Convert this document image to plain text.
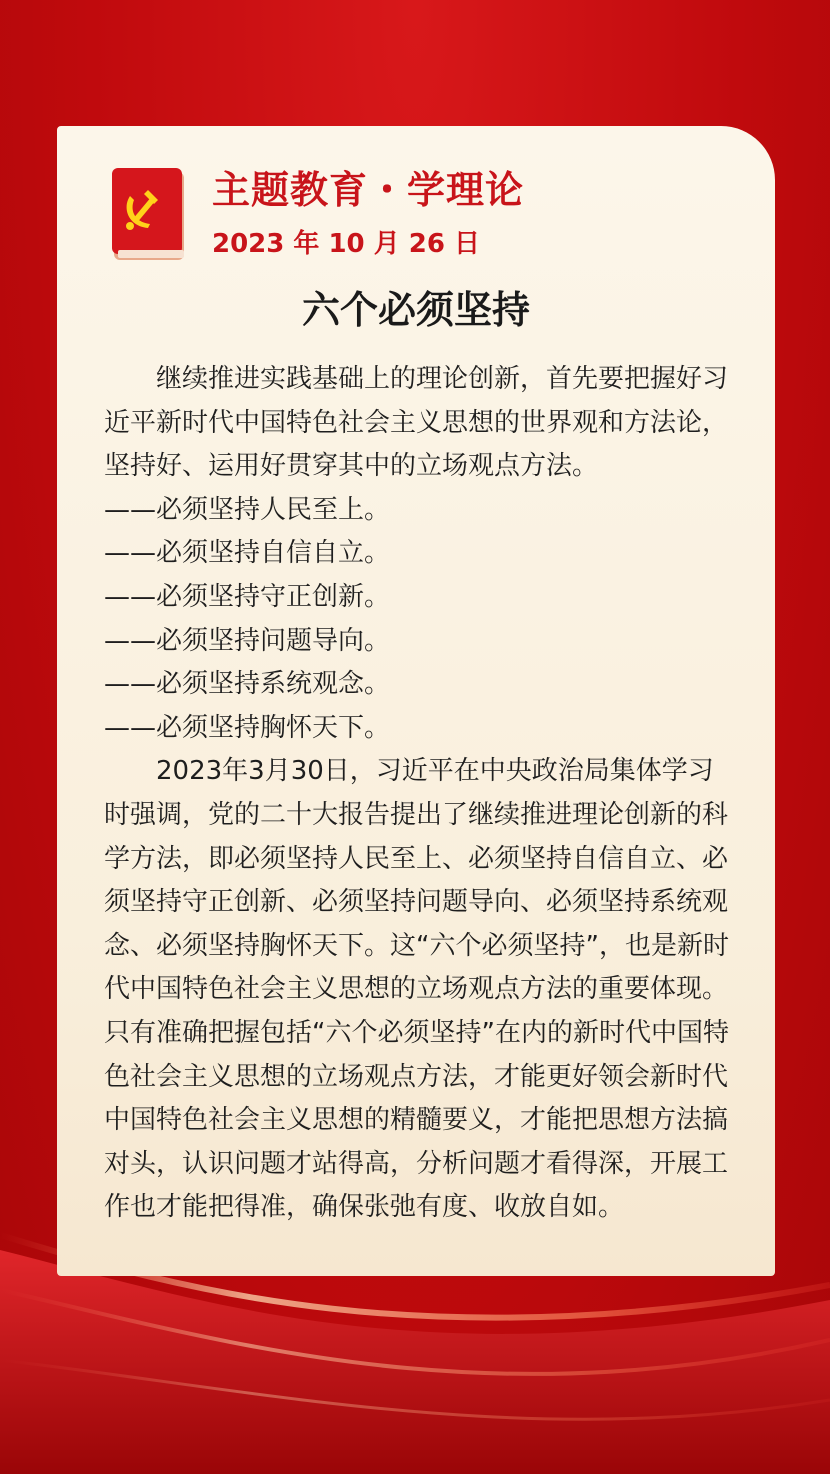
主题教育・学理论
2023 年 10 月 26 日
六个必须坚持

继续推进实践基础上的理论创新，首先要把握好习近平新时代中国特色社会主义思想的世界观和方法论，坚持好、运用好贯穿其中的立场观点方法。

——必须坚持人民至上。

——必须坚持自信自立。

——必须坚持守正创新。

——必须坚持问题导向。

——必须坚持系统观念。

——必须坚持胸怀天下。

2023年3月30日，习近平在中央政治局集体学习时强调，党的二十大报告提出了继续推进理论创新的科学方法，即必须坚持人民至上、必须坚持自信自立、必须坚持守正创新、必须坚持问题导向、必须坚持系统观念、必须坚持胸怀天下。这“六个必须坚持”，也是新时代中国特色社会主义思想的立场观点方法的重要体现。只有准确把握包括“六个必须坚持”在内的新时代中国特色社会主义思想的立场观点方法，才能更好领会新时代中国特色社会主义思想的精髓要义，才能把思想方法搞对头，认识问题才站得高，分析问题才看得深，开展工作也才能把得准，确保张弛有度、收放自如。
